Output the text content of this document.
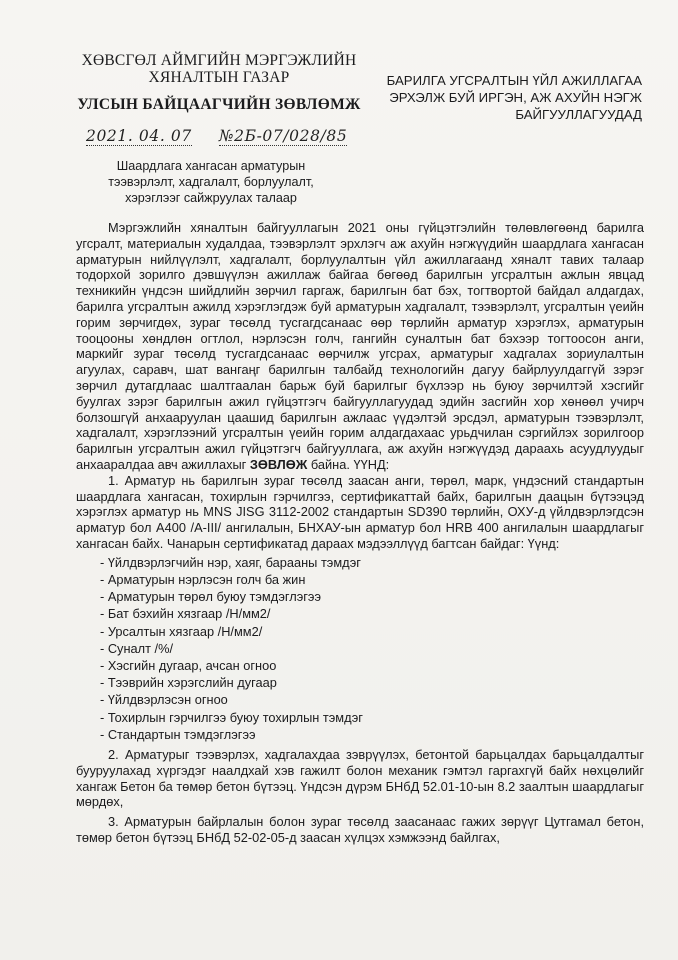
ХӨВСГӨЛ АЙМГИЙН МЭРГЭЖЛИЙН

ХЯНАЛТЫН ГАЗАР

УЛСЫН БАЙЦААГЧИЙН ЗӨВЛӨМЖ

БАРИЛГА УГСРАЛТЫН ҮЙЛ АЖИЛЛАГАА
ЭРХЭЛЖ БУЙ ИРГЭН, АЖ АХУЙН НЭГЖ
БАЙГУУЛЛАГУУДАД
2021. 04. 07 №2Б-07/028/85
Шаардлага хангасан арматурын
тээвэрлэлт, хадгалалт, борлуулалт,
хэрэглээг сайжруулах талаар

Мэргэжлийн хяналтын байгууллагын 2021 оны гүйцэтгэлийн төлөвлөгөөнд барилга угсралт, материалын худалдаа, тээвэрлэлт эрхлэгч аж ахуйн нэгжүүдийн шаардлага хангасан арматурын нийлүүлэлт, хадгалалт, борлуулалтын үйл ажиллагаанд хяналт тавих талаар тодорхой зорилго дэвшүүлэн ажиллаж байгаа бөгөөд барилгын угсралтын ажлын явцад техникийн үндсэн шийдлийн зөрчил гаргаж, барилгын бат бэх, тогтвортой байдал алдагдах, барилга угсралтын ажилд хэрэглэгдэж буй арматурын хадгалалт, тээвэрлэлт, угсралтын үеийн горим зөрчигдөх, зураг төсөлд тусгагдсанаас өөр төрлийн арматур хэрэглэх, арматурын тооцооны хөндлөн огтлол, нэрлэсэн голч, гангийн суналтын бат бэхээр тогтоосон анги, маркийг зураг төсөлд тусгагдсанаас өөрчилж угсрах, арматурыг хадгалах зориулалтын агуулах, саравч, шат вангаңг барилгын талбайд технологийн дагуу байрлуулдаггүй зэрэг зөрчил дутагдлаас шалтгаалан барьж буй барилгыг бүхлээр нь буюу зөрчилтэй хэсгийг буулгах зэрэг барилгын ажил гүйцэтгэгч байгууллагуудад эдийн засгийн хор хөнөөл учирч болзошгүй анхааруулан цаашид барилгын ажлаас үүдэлтэй эрсдэл, арматурын тээвэрлэлт, хадгалалт, хэрэглээний угсралтын үеийн горим алдагдахаас урьдчилан сэргийлэх зорилгоор барилгын угсралтын ажил гүйцэтгэгч байгууллага, аж ахуйн нэгжүүдэд дараахь асуудлуудыг анхааралдаа авч ажиллахыг ЗӨВЛӨЖ байна. ҮҮНД:

1. Арматур нь барилгын зураг төсөлд заасан анги, төрөл, марк, үндэсний стандартын шаардлага хангасан, тохирлын гэрчилгээ, сертификаттай байх, барилгын даацын бүтээцэд хэрэглэх арматур нь MNS JISG 3112-2002 стандартын SD390 төрлийн, ОХУ-д үйлдвэрлэгдсэн арматур бол А400 /А-III/ ангилалын, БНХАУ-ын арматур бол HRB 400 ангилалын шаардлагыг хангасан байх. Чанарын сертификатад дараах мэдээллүүд багтсан байдаг: Үүнд:

- Үйлдвэрлэгчийн нэр, хаяг, барааны тэмдэг
- Арматурын нэрлэсэн голч ба жин
- Арматурын төрөл буюу тэмдэглэгээ
- Бат бэхийн хязгаар /Н/мм2/
- Урсалтын хязгаар /Н/мм2/
- Суналт /%/
- Хэсгийн дугаар, ачсан огноо
- Тээврийн хэрэгслийн дугаар
- Үйлдвэрлэсэн огноо
- Тохирлын гэрчилгээ буюу тохирлын тэмдэг
- Стандартын тэмдэглэгээ

2. Арматурыг тээвэрлэх, хадгалахдаа зэврүүлэх, бетонтой барьцалдах барьцалдалтыг бууруулахад хүргэдэг наалдхай хэв гажилт болон механик гэмтэл гаргахгүй байх нөхцөлийг хангаж Бетон ба төмөр бетон бүтээц. Үндсэн дүрэм БНбД 52.01-10-ын 8.2 заалтын шаардлагыг мөрдөх,

3. Арматурын байрлалын болон зураг төсөлд заасанаас гажих зөрүүг Цутгамал бетон, төмөр бетон бүтээц БНбД 52-02-05-д заасан хүлцэх хэмжээнд байлгах,
